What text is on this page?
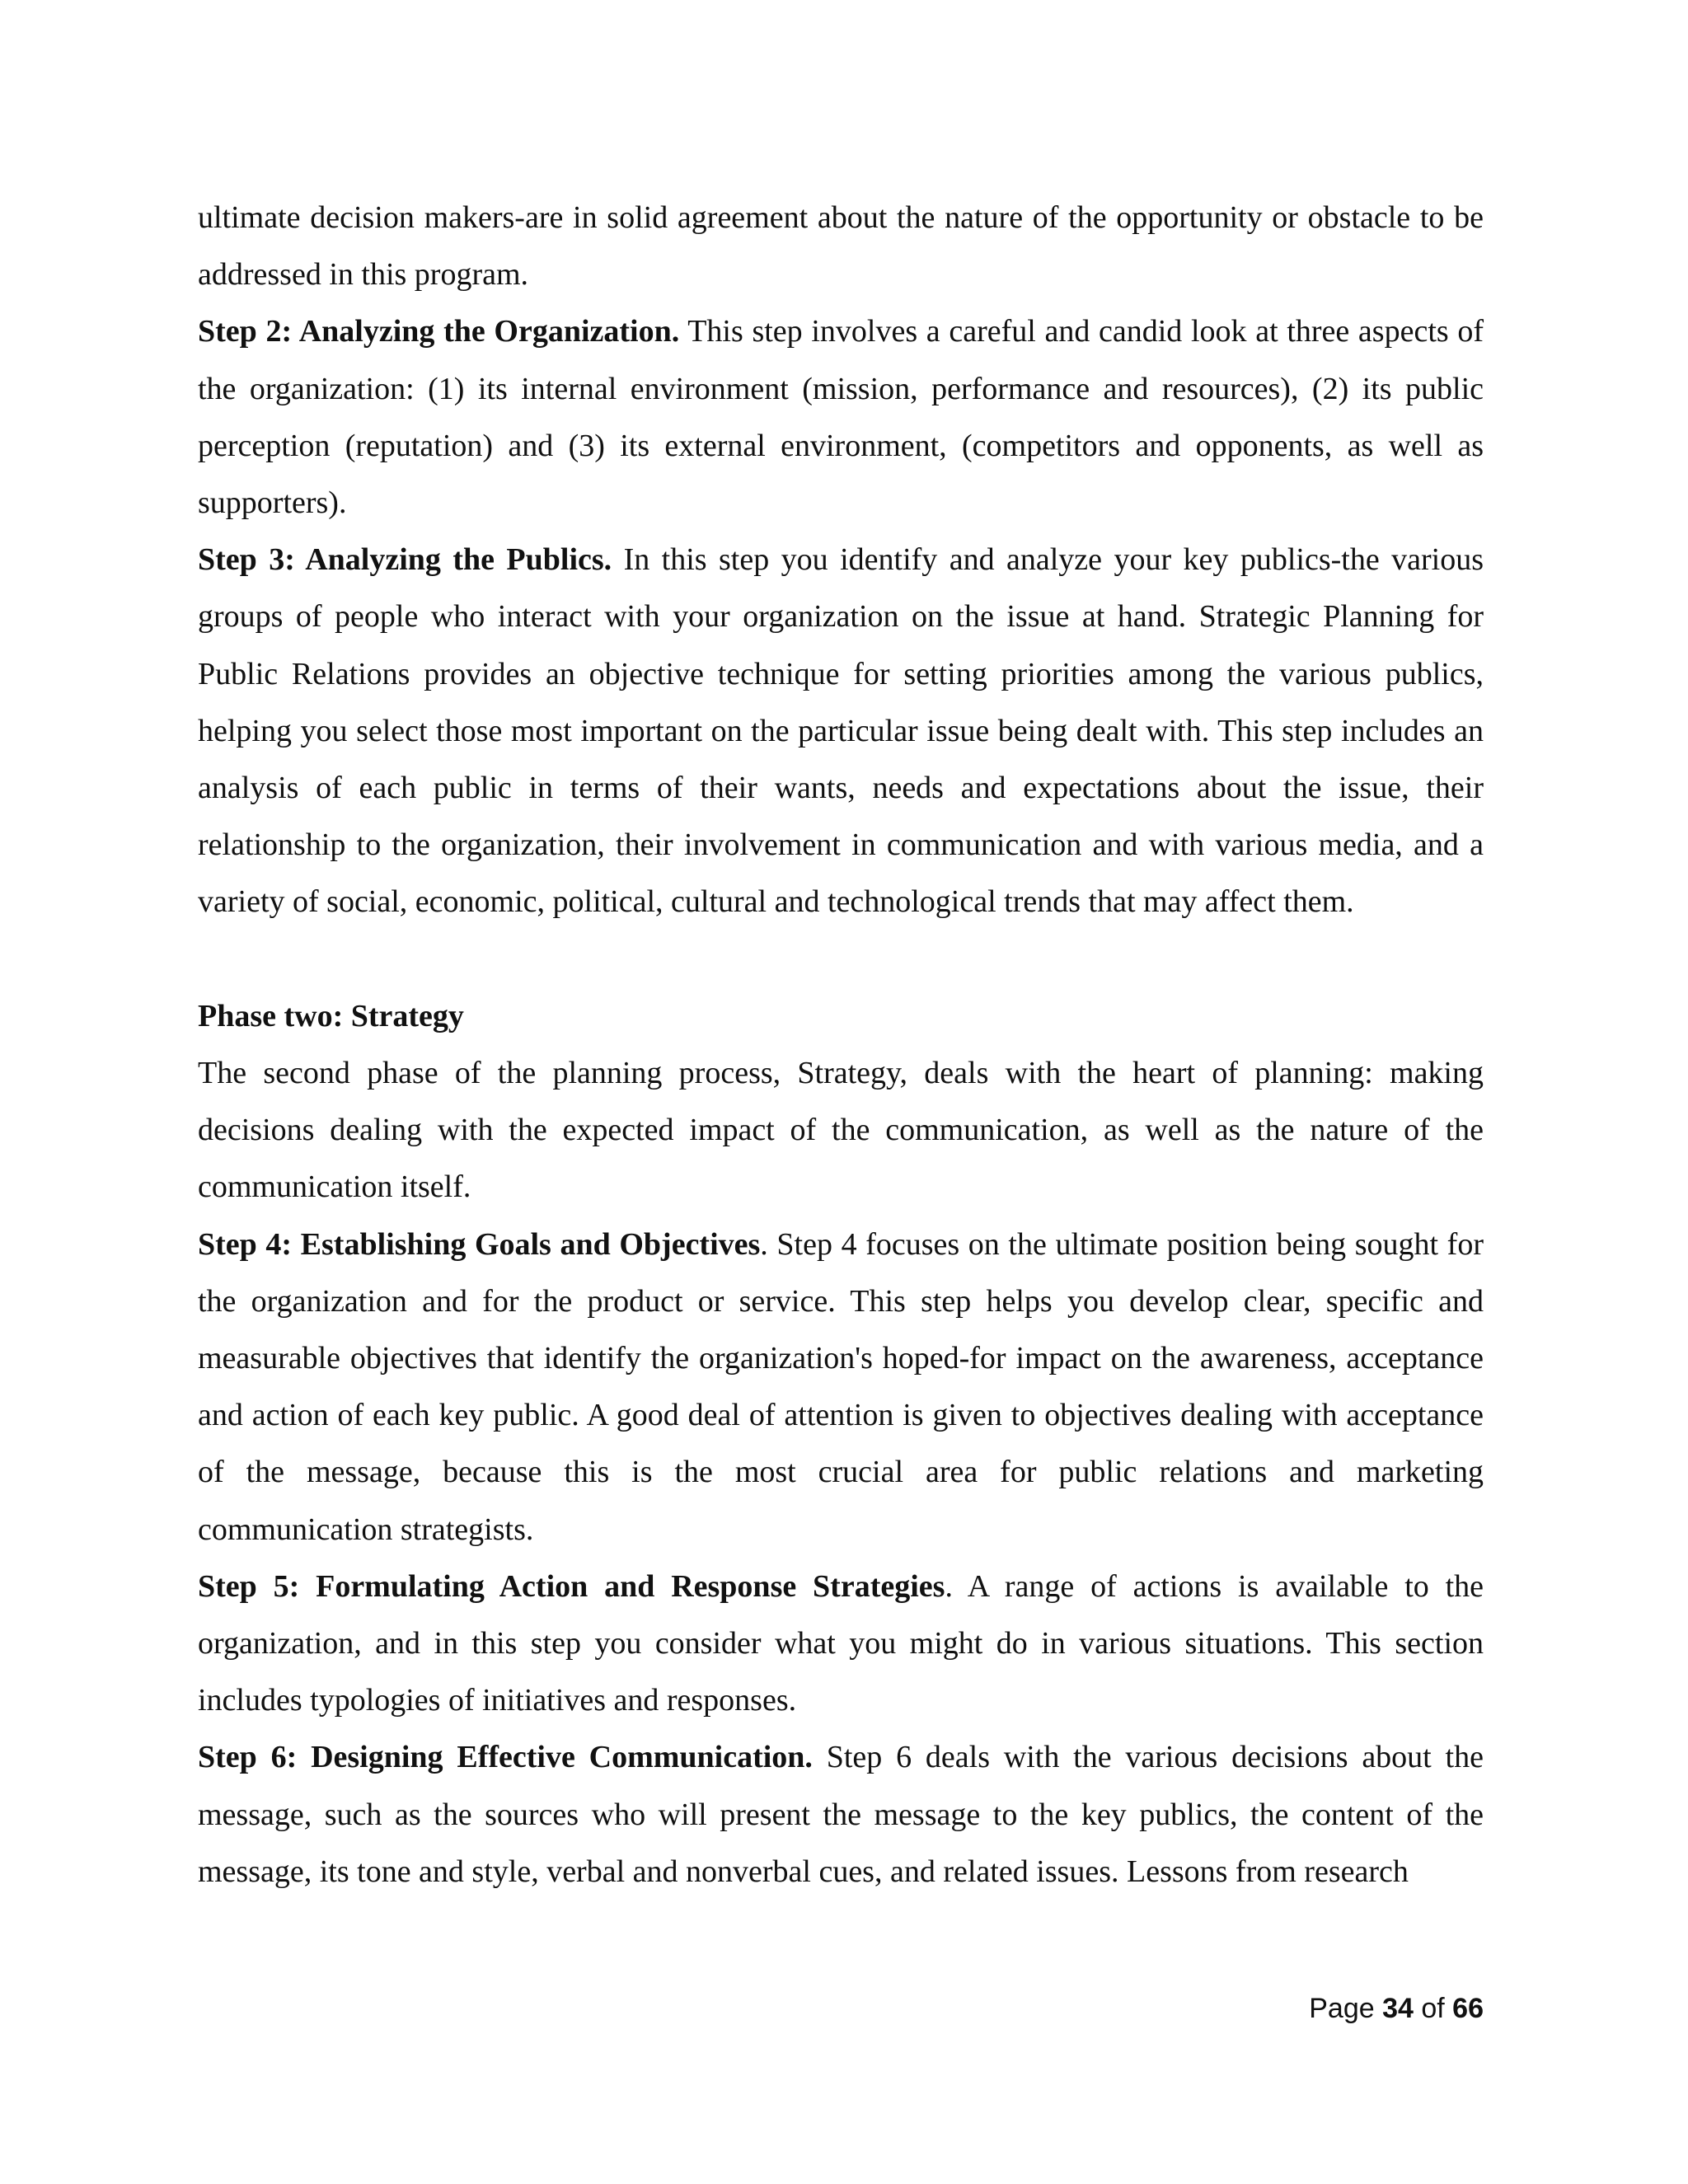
ultimate decision makers-are in solid agreement about the nature of the opportunity or obstacle to be addressed in this program.

Step 2: Analyzing the Organization. This step involves a careful and candid look at three aspects of the organization: (1) its internal environment (mission, performance and resources), (2) its public perception (reputation) and (3) its external environment, (competitors and opponents, as well as supporters).

Step 3: Analyzing the Publics. In this step you identify and analyze your key publics-the various groups of people who interact with your organization on the issue at hand. Strategic Planning for Public Relations provides an objective technique for setting priorities among the various publics, helping you select those most important on the particular issue being dealt with. This step includes an analysis of each public in terms of their wants, needs and expectations about the issue, their relationship to the organization, their involvement in communication and with various media, and a variety of social, economic, political, cultural and technological trends that may affect them.

Phase two: Strategy

The second phase of the planning process, Strategy, deals with the heart of planning: making decisions dealing with the expected impact of the communication, as well as the nature of the communication itself.

Step 4: Establishing Goals and Objectives. Step 4 focuses on the ultimate position being sought for the organization and for the product or service. This step helps you develop clear, specific and measurable objectives that identify the organization's hoped-for impact on the awareness, acceptance and action of each key public. A good deal of attention is given to objectives dealing with acceptance of the message, because this is the most crucial area for public relations and marketing communication strategists.

Step 5: Formulating Action and Response Strategies. A range of actions is available to the organization, and in this step you consider what you might do in various situations. This section includes typologies of initiatives and responses.

Step 6: Designing Effective Communication. Step 6 deals with the various decisions about the message, such as the sources who will present the message to the key publics, the content of the message, its tone and style, verbal and nonverbal cues, and related issues. Lessons from research

Page 34 of 66
